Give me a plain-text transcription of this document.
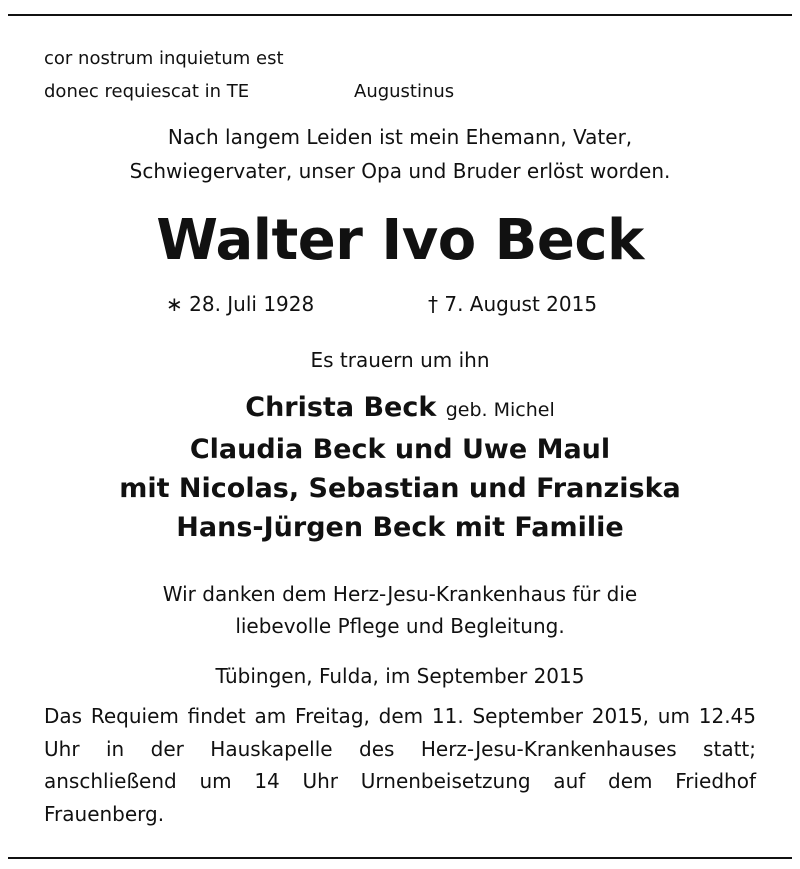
cor nostrum inquietum est
donec requiescat in TE	Augustinus
Nach langem Leiden ist mein Ehemann, Vater,
Schwiegervater, unser Opa und Bruder erlöst worden.
Walter Ivo Beck
∗ 28. Juli 1928	† 7. August 2015
Es trauern um ihn
Christa Beck geb. Michel
Claudia Beck und Uwe Maul
mit Nicolas, Sebastian und Franziska
Hans-Jürgen Beck mit Familie
Wir danken dem Herz-Jesu-Krankenhaus für die
liebevolle Pflege und Begleitung.
Tübingen, Fulda, im September 2015
Das Requiem findet am Freitag, dem 11. September 2015, um 12.45 Uhr in der Hauskapelle des Herz-Jesu-Krankenhauses statt; anschließend um 14 Uhr Urnenbeisetzung auf dem Friedhof Frauenberg.
